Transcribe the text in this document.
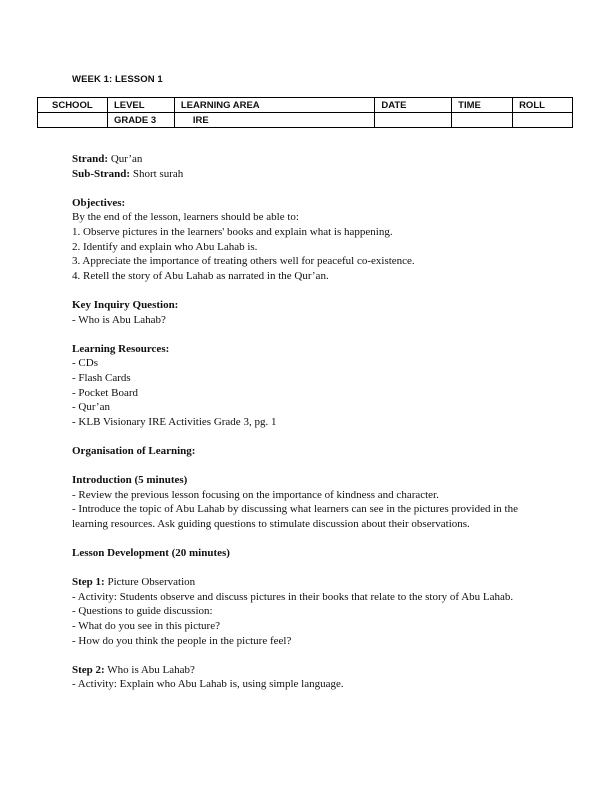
WEEK 1: LESSON 1
SCHOOL	LEVEL	LEARNING AREA	DATE	TIME	ROLL
	GRADE 3	IRE			

Strand: Qur’an

Sub-Strand: Short surah

Objectives:

By the end of the lesson, learners should be able to:

1. Observe pictures in the learners' books and explain what is happening.

2. Identify and explain who Abu Lahab is.

3. Appreciate the importance of treating others well for peaceful co-existence.

4. Retell the story of Abu Lahab as narrated in the Qur’an.

Key Inquiry Question:

- Who is Abu Lahab?

Learning Resources:

- CDs

- Flash Cards

- Pocket Board

- Qur’an

- KLB Visionary IRE Activities Grade 3, pg. 1

Organisation of Learning:

Introduction (5 minutes)

- Review the previous lesson focusing on the importance of kindness and character.

- Introduce the topic of Abu Lahab by discussing what learners can see in the pictures provided in the learning resources. Ask guiding questions to stimulate discussion about their observations.

Lesson Development (20 minutes)

Step 1: Picture Observation

- Activity: Students observe and discuss pictures in their books that relate to the story of Abu Lahab.

- Questions to guide discussion:

- What do you see in this picture?

- How do you think the people in the picture feel?

Step 2: Who is Abu Lahab?

- Activity: Explain who Abu Lahab is, using simple language.
